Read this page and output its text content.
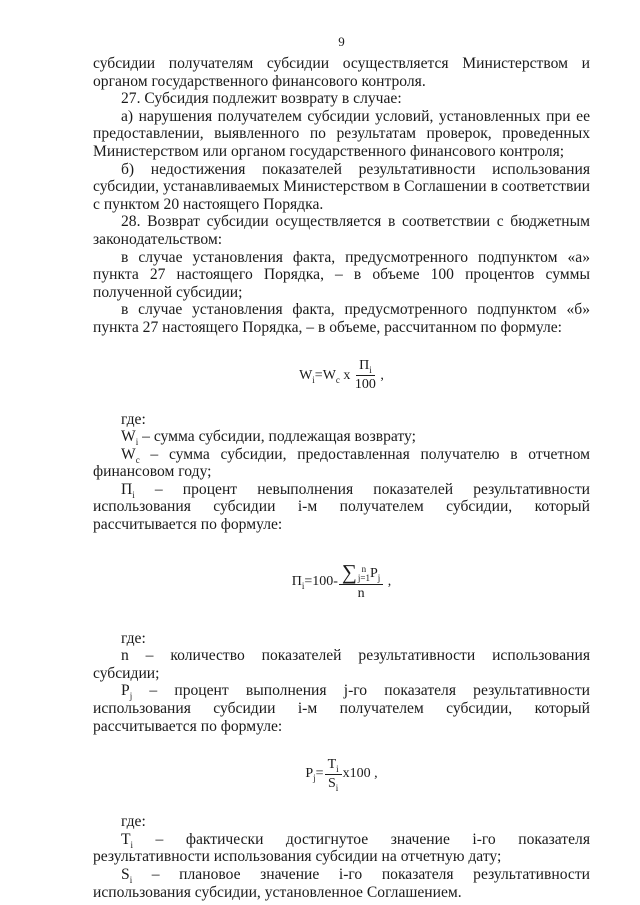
9

субсидии получателям субсидии осуществляется Министерством и органом государственного финансового контроля.

27. Субсидия подлежит возврату в случае:

а) нарушения получателем субсидии условий, установленных при ее предоставлении, выявленного по результатам проверок, проведенных Министерством или органом государственного финансового контроля;

б) недостижения показателей результативности использования субсидии, устанавливаемых Министерством в Соглашении в соответствии с пунктом 20 настоящего Порядка.

28. Возврат субсидии осуществляется в соответствии с бюджетным законодательством:

в случае установления факта, предусмотренного подпунктом «а» пункта 27 настоящего Порядка, – в объеме 100 процентов суммы полученной субсидии;

в случае установления факта, предусмотренного подпунктом «б» пункта 27 настоящего Порядка, – в объеме, рассчитанном по формуле:

$W_i = W_c$ x $\frac{П_i}{100}$ ,

где:

$W_i$ – сумма субсидии, подлежащая возврату;

$W_c$ – сумма субсидии, предоставленная получателю в отчетном финансовом году;

$П_i$ – процент невыполнения показателей результативности использования субсидии i-м получателем субсидии, который рассчитывается по формуле:

$П_i =100-$ ∑ n
j=1 $P_j$
n ,

где:

n – количество показателей результативности использования субсидии;

$P_j$ – процент выполнения j-го показателя результативности использования субсидии i-м получателем субсидии, который рассчитывается по формуле:

$P_j = \frac{T_i}{S_i} x100$ ,

где:

$T_i$ – фактически достигнутое значение i-го показателя результативности использования субсидии на отчетную дату;

$S_i$ – плановое значение i-го показателя результативности использования субсидии, установленное Соглашением.
